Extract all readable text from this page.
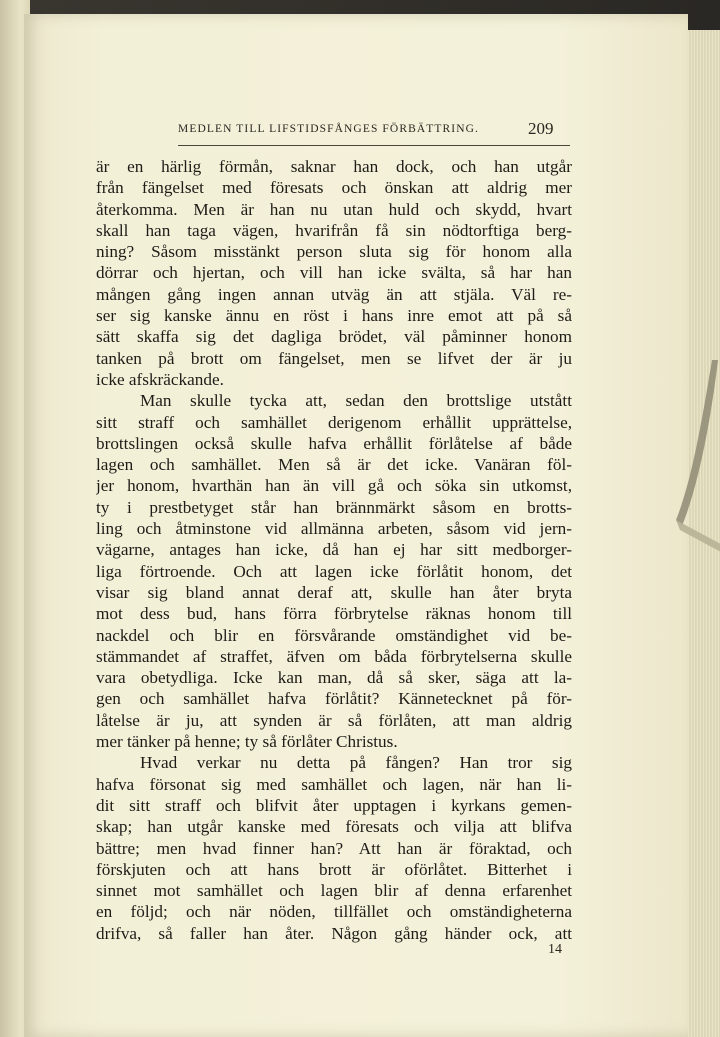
MEDLEN TILL LIFSTIDSFÅNGES FÖRBÄTTRING.	209
är en härlig förmån, saknar han dock, och han utgår
från fängelset med föresats och önskan att aldrig mer
återkomma. Men är han nu utan huld och skydd, hvart
skall han taga vägen, hvarifrån få sin nödtorftiga berg-
ning? Såsom misstänkt person sluta sig för honom alla
dörrar och hjertan, och vill han icke svälta, så har han
mången gång ingen annan utväg än att stjäla. Väl re-
ser sig kanske ännu en röst i hans inre emot att på så
sätt skaffa sig det dagliga brödet, väl påminner honom
tanken på brott om fängelset, men se lifvet der är ju
icke afskräckande.
Man skulle tycka att, sedan den brottslige utstått
sitt straff och samhället derigenom erhållit upprättelse,
brottslingen också skulle hafva erhållit förlåtelse af både
lagen och samhället. Men så är det icke. Vanäran föl-
jer honom, hvarthän han än vill gå och söka sin utkomst,
ty i prestbetyget står han brännmärkt såsom en brotts-
ling och åtminstone vid allmänna arbeten, såsom vid jern-
vägarne, antages han icke, då han ej har sitt medborger-
liga förtroende. Och att lagen icke förlåtit honom, det
visar sig bland annat deraf att, skulle han åter bryta
mot dess bud, hans förra förbrytelse räknas honom till
nackdel och blir en försvårande omständighet vid be-
stämmandet af straffet, äfven om båda förbrytelserna skulle
vara obetydliga. Icke kan man, då så sker, säga att la-
gen och samhället hafva förlåtit? Kännetecknet på för-
låtelse är ju, att synden är så förlåten, att man aldrig
mer tänker på henne; ty så förlåter Christus.
Hvad verkar nu detta på fången? Han tror sig
hafva försonat sig med samhället och lagen, när han li-
dit sitt straff och blifvit åter upptagen i kyrkans gemen-
skap; han utgår kanske med föresats och vilja att blifva
bättre; men hvad finner han? Att han är föraktad, och
förskjuten och att hans brott är oförlåtet. Bitterhet i
sinnet mot samhället och lagen blir af denna erfarenhet
en följd; och när nöden, tillfället och omständigheterna
drifva, så faller han åter. Någon gång händer ock, att
14
